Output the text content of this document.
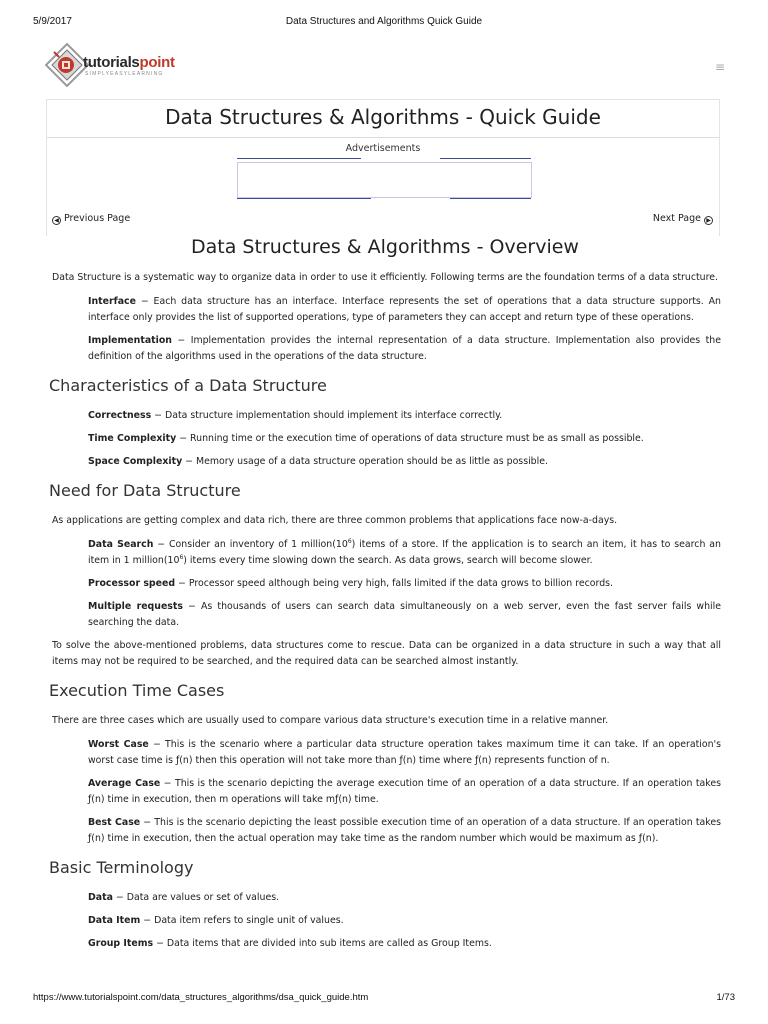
5/9/2017	Data Structures and Algorithms Quick Guide
tutorialspoint
SIMPLYEASYLEARNING	≡
Data Structures & Algorithms - Quick Guide
Advertisements
◀ Previous Page	Next Page ▶
Data Structures & Algorithms - Overview

Data Structure is a systematic way to organize data in order to use it efficiently. Following terms are the foundation terms of a data structure.

Interface − Each data structure has an interface. Interface represents the set of operations that a data structure supports. An interface only provides the list of supported operations, type of parameters they can accept and return type of these operations.

Implementation − Implementation provides the internal representation of a data structure. Implementation also provides the definition of the algorithms used in the operations of the data structure.

Characteristics of a Data Structure

Correctness − Data structure implementation should implement its interface correctly.

Time Complexity − Running time or the execution time of operations of data structure must be as small as possible.

Space Complexity − Memory usage of a data structure operation should be as little as possible.

Need for Data Structure

As applications are getting complex and data rich, there are three common problems that applications face now-a-days.

Data Search − Consider an inventory of 1 $million(10^6)$ items of a store. If the application is to search an item, it has to search an item in 1 $million(10^6)$ items every time slowing down the search. As data grows, search will become slower.

Processor speed − Processor speed although being very high, falls limited if the data grows to billion records.

Multiple requests − As thousands of users can search data simultaneously on a web server, even the fast server fails while searching the data.

To solve the above-mentioned problems, data structures come to rescue. Data can be organized in a data structure in such a way that all items may not be required to be searched, and the required data can be searched almost instantly.

Execution Time Cases

There are three cases which are usually used to compare various data structure's execution time in a relative manner.

Worst Case − This is the scenario where a particular data structure operation takes maximum time it can take. If an operation's worst case time is ƒ(n) then this operation will not take more than ƒ(n) time where ƒ(n) represents function of n.

Average Case − This is the scenario depicting the average execution time of an operation of a data structure. If an operation takes ƒ(n) time in execution, then m operations will take mƒ(n) time.

Best Case − This is the scenario depicting the least possible execution time of an operation of a data structure. If an operation takes ƒ(n) time in execution, then the actual operation may take time as the random number which would be maximum as ƒ(n).

Basic Terminology

Data − Data are values or set of values.

Data Item − Data item refers to single unit of values.

Group Items − Data items that are divided into sub items are called as Group Items.

https://www.tutorialspoint.com/data_structures_algorithms/dsa_quick_guide.htm	1/73
